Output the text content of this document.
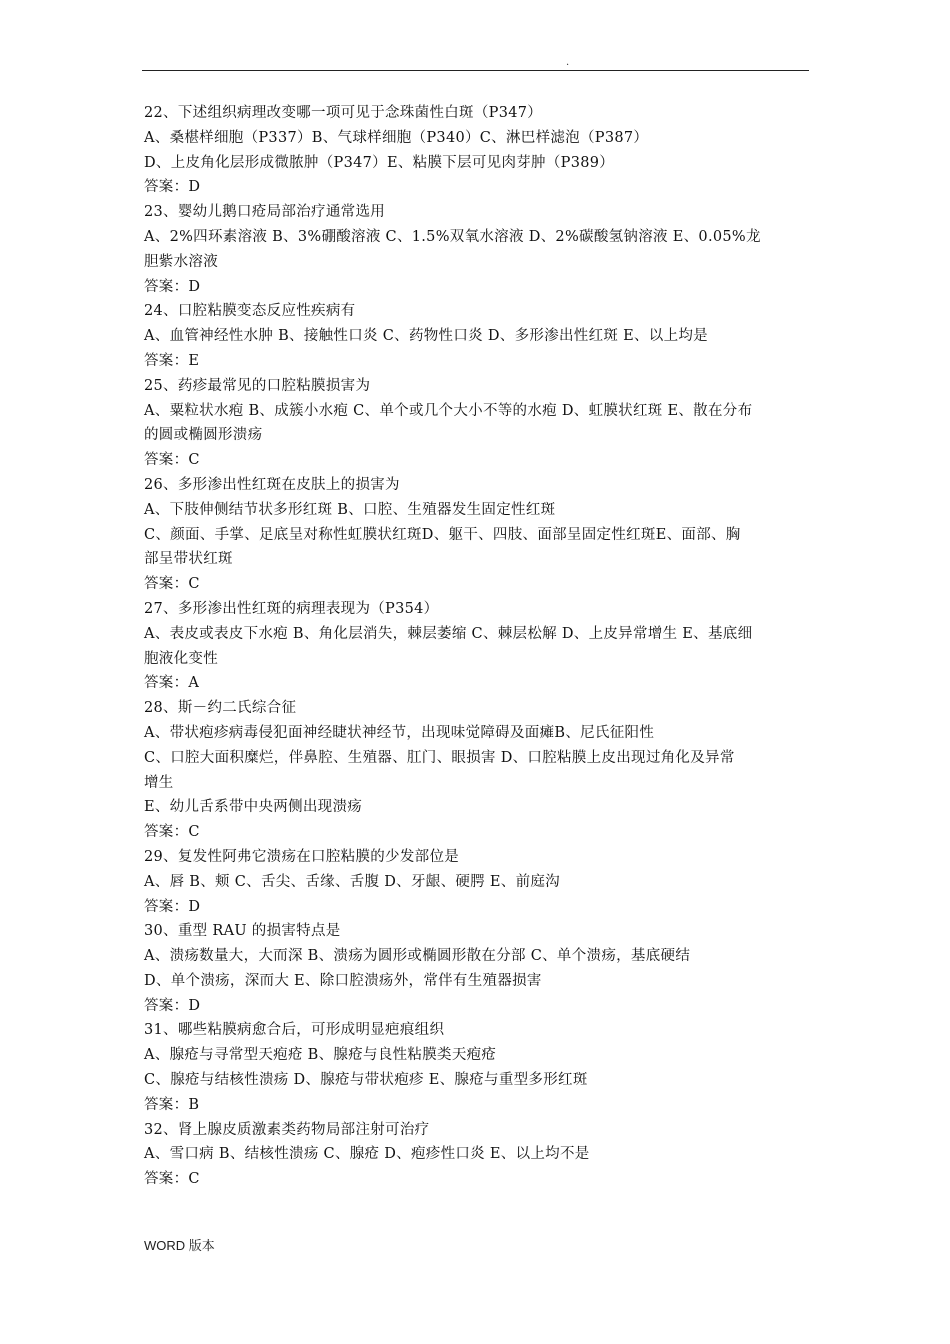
.
22、下述组织病理改变哪一项可见于念珠菌性白斑（P347）
A、桑椹样细胞（P337）B、气球样细胞（P340）C、淋巴样滤泡（P387）
D、上皮角化层形成微脓肿（P347）E、粘膜下层可见肉芽肿（P389）
答案：D
23、婴幼儿鹅口疮局部治疗通常选用
A、2%四环素溶液 B、3%硼酸溶液 C、1.5%双氧水溶液 D、2%碳酸氢钠溶液 E、0.05%龙
胆紫水溶液
答案：D
24、口腔粘膜变态反应性疾病有
A、血管神经性水肿 B、接触性口炎 C、药物性口炎 D、多形渗出性红斑 E、以上均是
答案：E
25、药疹最常见的口腔粘膜损害为
A、粟粒状水疱 B、成簇小水疱 C、单个或几个大小不等的水疱 D、虹膜状红斑 E、散在分布
的圆或椭圆形溃疡
答案：C
26、多形渗出性红斑在皮肤上的损害为
A、下肢伸侧结节状多形红斑 B、口腔、生殖器发生固定性红斑
C、颜面、手掌、足底呈对称性虹膜状红斑D、躯干、四肢、面部呈固定性红斑E、面部、胸
部呈带状红斑
答案：C
27、多形渗出性红斑的病理表现为（P354）
A、表皮或表皮下水疱 B、角化层消失，棘层萎缩 C、棘层松解 D、上皮异常增生 E、基底细
胞液化变性
答案：A
28、斯－约二氏综合征
A、带状疱疹病毒侵犯面神经睫状神经节，出现味觉障碍及面瘫B、尼氏征阳性
C、口腔大面积糜烂，伴鼻腔、生殖器、肛门、眼损害 D、口腔粘膜上皮出现过角化及异常
增生
E、幼儿舌系带中央两侧出现溃疡
答案：C
29、复发性阿弗它溃疡在口腔粘膜的少发部位是
A、唇 B、颊 C、舌尖、舌缘、舌腹 D、牙龈、硬腭 E、前庭沟
答案：D
30、重型 RAU 的损害特点是
A、溃疡数量大，大而深 B、溃疡为圆形或椭圆形散在分部 C、单个溃疡，基底硬结
D、单个溃疡，深而大 E、除口腔溃疡外，常伴有生殖器损害
答案：D
31、哪些粘膜病愈合后，可形成明显疤痕组织
A、腺疮与寻常型天疱疮 B、腺疮与良性粘膜类天疱疮
C、腺疮与结核性溃疡 D、腺疮与带状疱疹 E、腺疮与重型多形红斑
答案：B
32、肾上腺皮质激素类药物局部注射可治疗
A、雪口病 B、结核性溃疡 C、腺疮 D、疱疹性口炎 E、以上均不是
答案：C
WORD 版本
